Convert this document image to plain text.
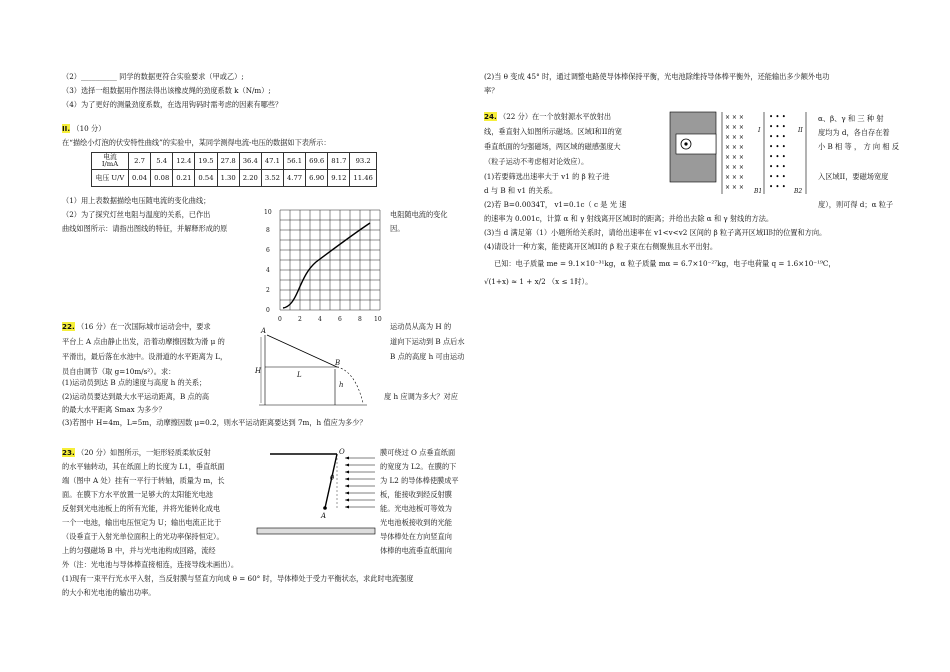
（2）__________ 同学的数据更符合实验要求（甲或乙）;
（3）选择一组数据用作图法得出该橡皮绳的劲度系数 k（N/m）;
（4）为了更好的测量劲度系数，在选用钩码时需考虑的因素有哪些？
II. （10 分）
在“描绘小灯泡的伏安特性曲线”的实验中，某同学测得电流-电压的数据如下表所示：
电流 I/mA	2.7	5.4	12.4	19.5	27.8	36.4	47.1	56.1	69.6	81.7	93.2
电压 U/V	0.04	0.08	0.21	0.54	1.30	2.20	3.52	4.77	6.90	9.12	11.46
（1）用上表数据描绘电压随电流的变化曲线；
（2）为了探究灯丝电阻与温度的关系，已作出
曲线如图所示：请指出图线的特征，并解释形成的原
电阻随电流的变化
因。
0
2
4
6
8
10
0	2	4	6	8 10
22. （16 分）在一次国际城市运动会中，要求
平台上 A 点由静止出发，沿着动摩擦因数为滑 μ 的
平滑出，最后落在水池中。设滑道的水平距离为 L，
员自由调节（取 g=10m/s²）。求：
运动员从高为 H 的
道向下运动到 B 点后水
B 点的高度 h 可由运动
(1)运动员到达 B 点的速度与高度 h 的关系；
(2)运动员要达到最大水平运动距离，B 点的高	度 h 应调为多大？对应
的最大水平距离 Smax 为多少？
(3)若图中 H=4m，L=5m，动摩擦因数 μ=0.2，则水平运动距离要达到 7m，h 值应为多少？
A
B
H	L
h
23. （20 分）如图所示，一矩形轻质柔软反射
的水平轴转动，其在纸面上的长度为 L1，垂直纸面
端（图中 A 处）挂有一平行于转轴，质量为 m，长
面。在膜下方水平放置一足够大的太阳能光电池
反射到光电池板上的所有光能，并将光能转化成电
一个一电池，输出电压恒定为 U；输出电流正比于
（设垂直于入射光单位面积上的光功率保持恒定）。
上的匀强磁场 B 中，并与光电池构成回路，流经
外（注：光电池与导体棒直接相连，连接导线未画出）。
膜可绕过 O 点垂直纸面
的宽度为 L2。在膜的下
为 L2 的导体棒使膜成平
板，能接收到经反射膜
能。光电池板可等效为
光电池板接收到的光能
导体棒处在方向竖直向
体棒的电流垂直纸面向
(1)现有一束平行光水平入射，当反射膜与竖直方向成 θ = 60° 时，导体棒处于受力平衡状态，求此时电流强度
的大小和光电池的输出功率。
O
θ
A
(2)当 θ 变成 45° 时，通过调整电路使导体棒保持平衡，光电池除维持导体棒平衡外，还能输出多少额外电功
率？
24. （22 分）在一个放射源水平放射出
线，垂直射入如图所示磁场。区域I和II的宽
垂直纸面的匀强磁场，两区域的磁感强度大
（粒子运动不考虑相对论效应）。
(1)若要筛选出速率大于 v1 的 β 粒子进
d 与 B 和 v1 的关系。
(2)若 B=0.0034T， v1=0.1c（ c 是 光 速
的速率为 0.001c，计算 α 和 γ 射线离开区域I时的距离；并给出去除 α 和 γ 射线的方法。
α、β、γ 和 三 种 射
度均为 d，各自存在着
小 B 相 等 ， 方 向 相 反
入区域II，要磁场宽度
度），则可得 d；α 粒子
(3)当 d 满足第（1）小题所给关系时，请给出速率在 v1<v<v2 区间的 β 粒子离开区域II时的位置和方向。
(4)请设计一种方案，能使离开区域II的 β 粒子束在右侧聚焦且水平出射。
已知：电子质量 me = 9.1×10⁻³¹kg，α 粒子质量 mα = 6.7×10⁻²⁷kg，电子电荷量 q = 1.6×10⁻¹⁹C，
√(1+x) ≈ 1 + x/2 （x ≤ 1时）。
× × ×
× × ×
× × ×
× × ×
× × ×
× × ×
× × ×
× × ×
• • •
• • •
• • •
• • •
• • •
• • •
• • •
• • •
B1	B2
I	II
